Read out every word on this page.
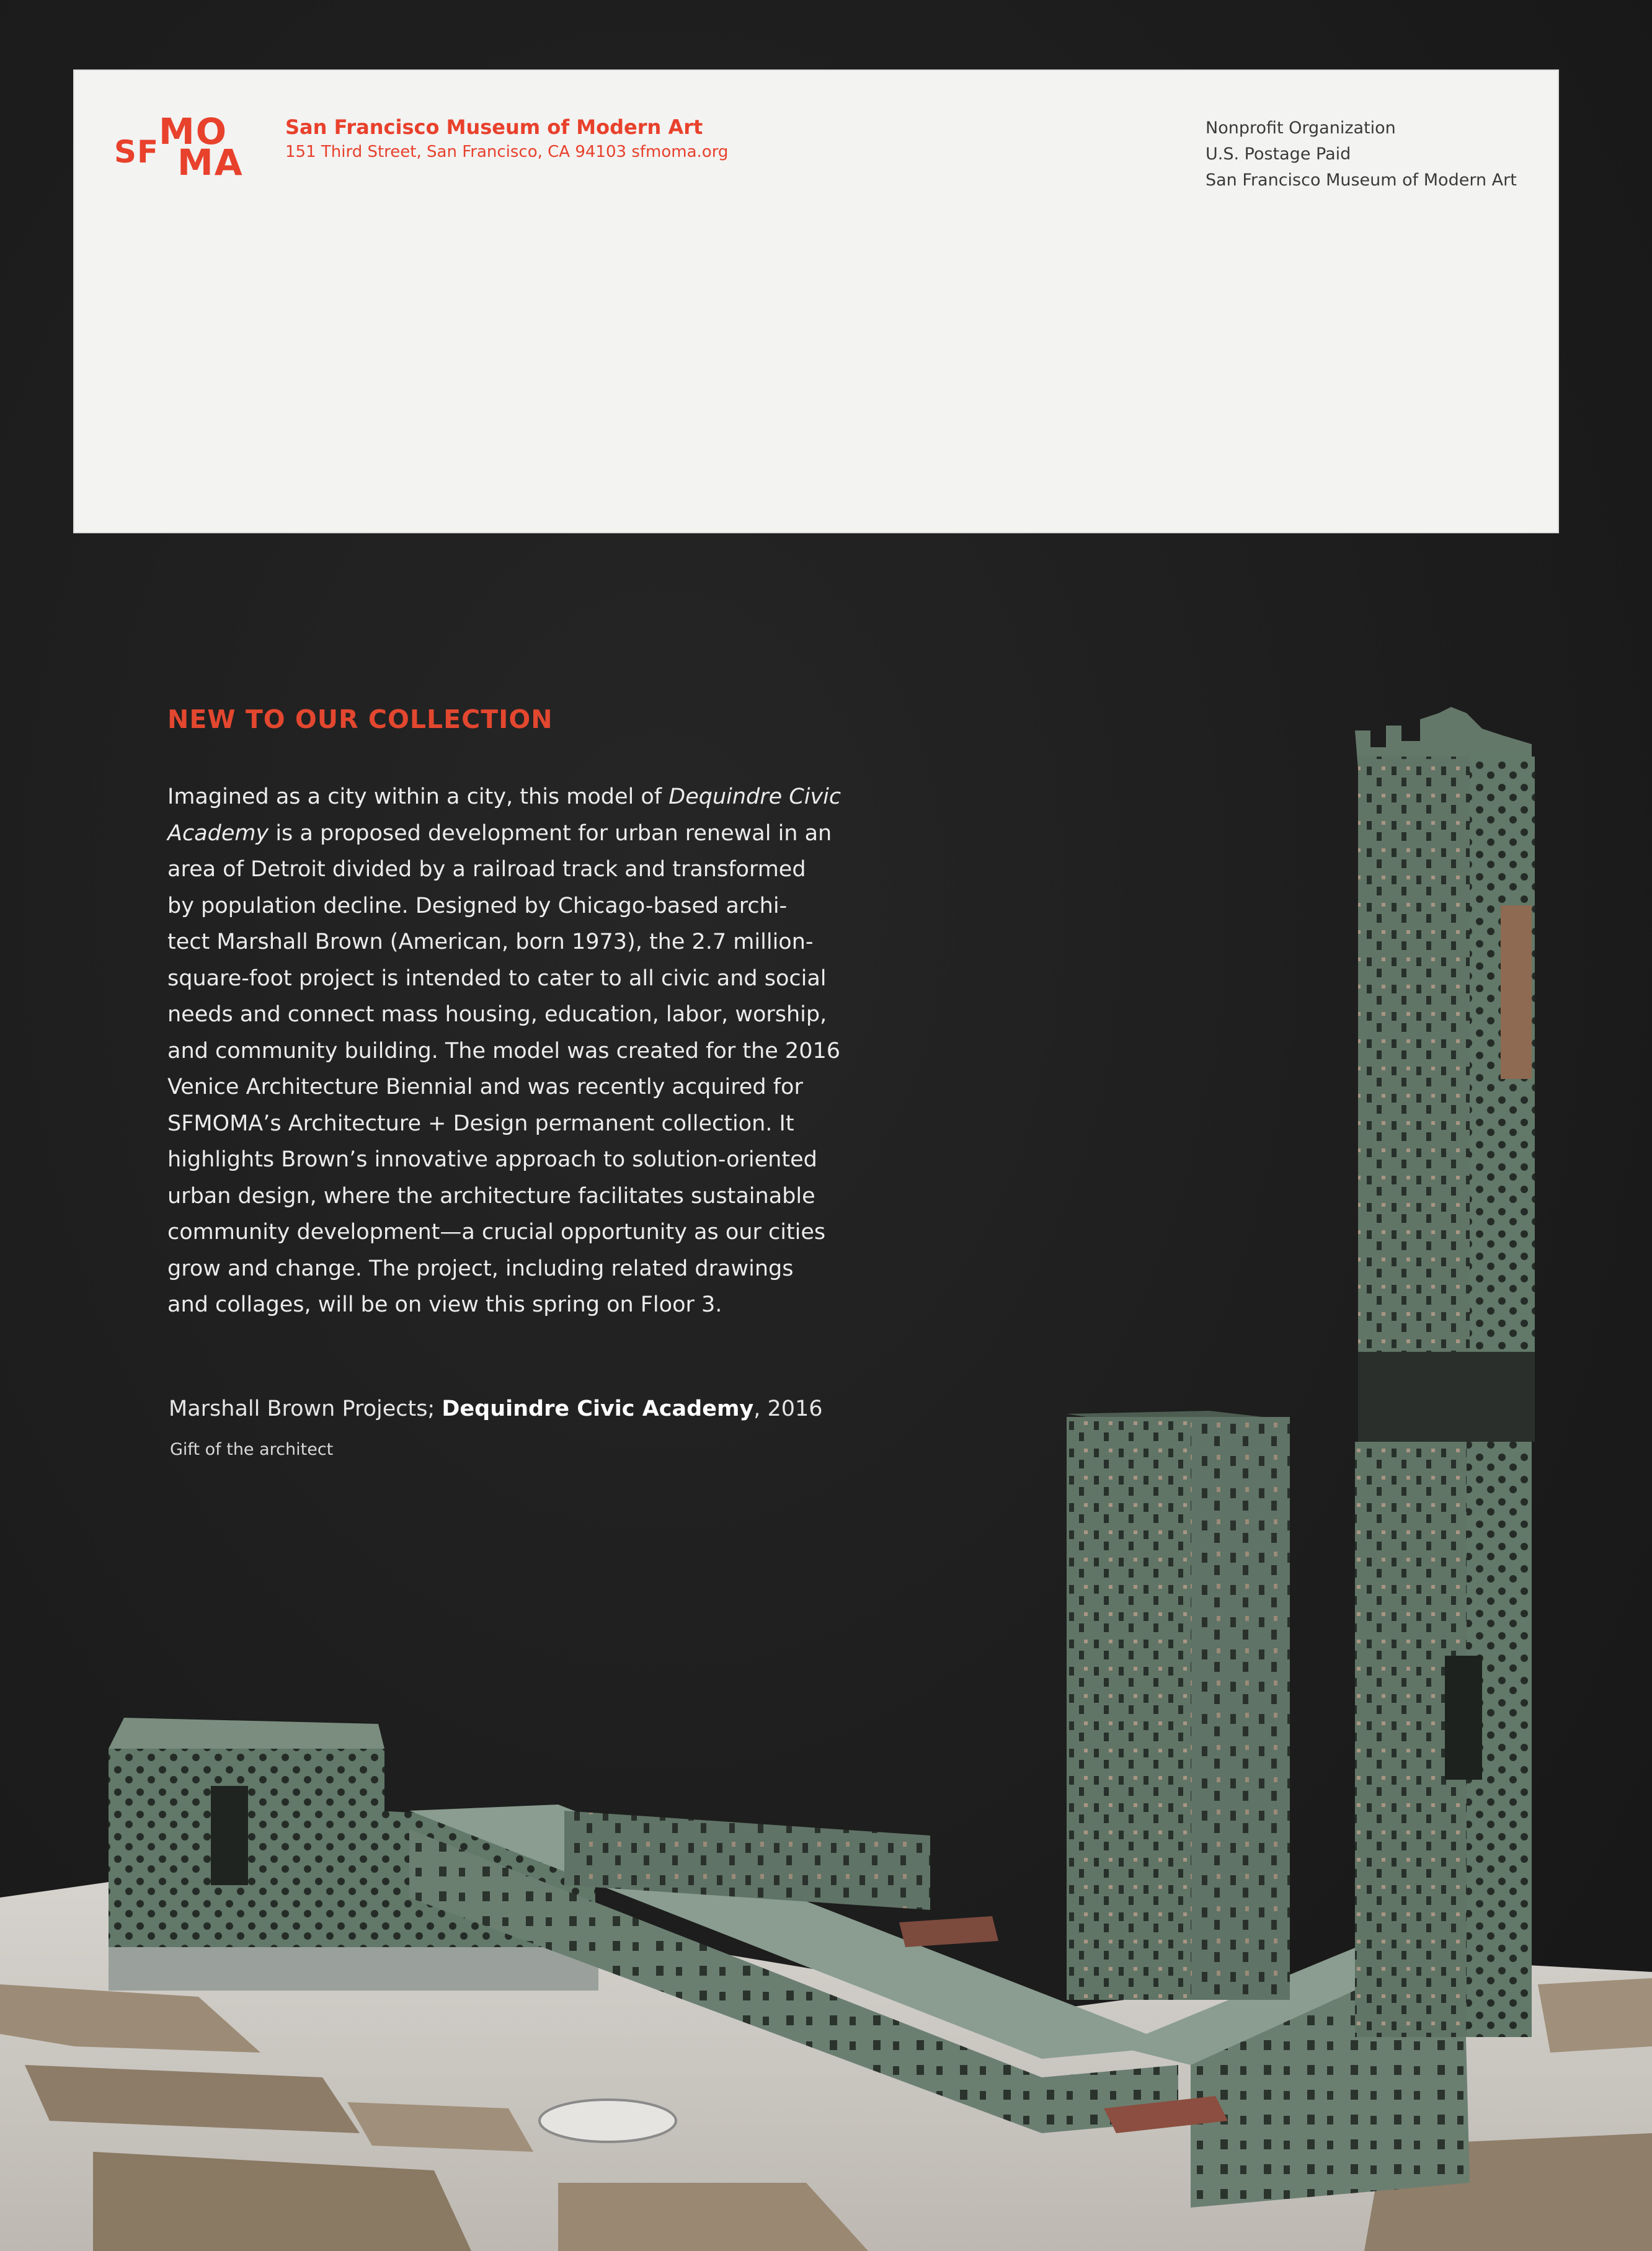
SF MO
MA
San Francisco Museum of Modern Art
151 Third Street, San Francisco, CA 94103 sfmoma.org
Nonprofit Organization
U.S. Postage Paid
San Francisco Museum of Modern Art
NEW TO OUR COLLECTION
Imagined as a city within a city, this model of Dequindre Civic
Academy is a proposed development for urban renewal in an
area of Detroit divided by a railroad track and transformed
by population decline. Designed by Chicago-based archi-
tect Marshall Brown (American, born 1973), the 2.7 million-
square-foot project is intended to cater to all civic and social
needs and connect mass housing, education, labor, worship,
and community building. The model was created for the 2016
Venice Architecture Biennial and was recently acquired for
SFMOMA’s Architecture + Design permanent collection. It
highlights Brown’s innovative approach to solution-oriented
urban design, where the architecture facilitates sustainable
community development—a crucial opportunity as our cities
grow and change. The project, including related drawings
and collages, will be on view this spring on Floor 3.
Marshall Brown Projects; Dequindre Civic Academy, 2016
Gift of the architect
